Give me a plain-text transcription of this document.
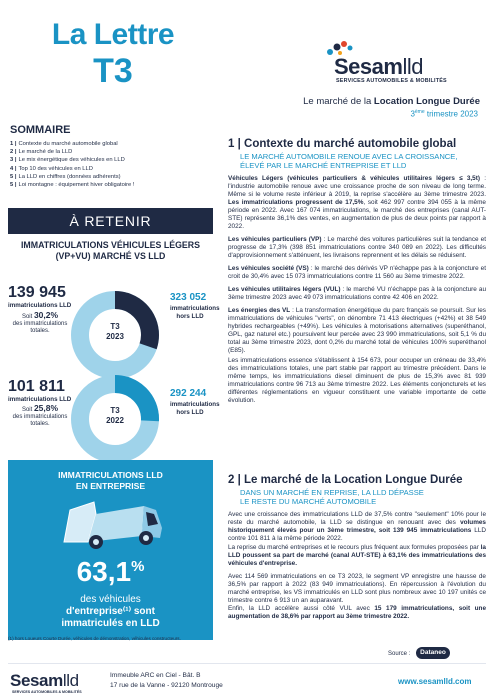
La Lettre
T3	Sesamlld
SERVICES AUTOMOBILES & MOBILITÉS
Le marché de la Location Longue Durée
3ème trimestre 2023
SOMMAIRE
1 | Contexte du marché automobile global
2 | Le marché de la LLD
3 | Le mix énergétique des véhicules en LLD
4 | Top 10 des véhicules en LLD
5 | La LLD en chiffres (données adhérents)
5 | Loi montagne : équipement hiver obligatoire !
À RETENIR
IMMATRICULATIONS VÉHICULES LÉGERS
(VP+VU) MARCHÉ VS LLD
139 945
immatriculations LLD
Soit 30,2%
des immatriculations
totales.	T3
2023
323 052
immatriculations
hors LLD
101 811
immatriculations LLD
Soit 25,8%
des immatriculations
totales.
T3
2022
292 244
immatriculations
hors LLD
IMMATRICULATIONS LLD
EN ENTREPRISE
63,1%
des véhicules
d'entreprise⁽¹⁾ sont
immatriculés en LLD
(1) hors Loueurs Courte Durée, véhicules de démonstration, véhicules constructeurs.
1 | Contexte du marché automobile global
LE MARCHÉ AUTOMOBILE RENOUE AVEC LA CROISSANCE,
ÉLEVÉ PAR LE MARCHÉ ENTREPRISE ET LLD
Véhicules Légers (véhicules particuliers & véhicules utilitaires légers ≤ 3,5t) : l'industrie automobile renoue avec une croissance proche de son niveau de long terme. Même si le volume reste inférieur à 2019, la reprise s'accélère au 3ème trimestre 2023. Les immatriculations progressent de 17,5%, soit 462 997 contre 394 055 à la même période en 2022. Avec 167 074 immatriculations, le marché des entreprises (canal AUT-STE) représente 36,1% des ventes, en augmentation de plus de deux points par rapport à 2022.
Les véhicules particuliers (VP) : Le marché des voitures particulières suit la tendance et progresse de 17,3% (398 851 immatriculations contre 340 089 en 2022). Les difficultés d'approvisionnement s'atténuent, les livraisons reprennent et les délais se réduisent.
Les véhicules société (VS) : le marché des dérivés VP n'échappe pas à la conjoncture et croit de 30,4% avec 15 073 immatriculations contre 11 560 au 3ème trimestre 2022.
Les véhicules utilitaires légers (VUL) : le marché VU n'échappe pas à la conjoncture au 3ème trimestre 2023 avec 49 073 immatriculations contre 42 406 en 2022.
Les énergies des VL : La transformation énergétique du parc français se poursuit. Sur les immatriculations de véhicules "verts", on dénombre 71 413 électriques (+42%) et 38 549 hybrides rechargeables (+49%). Les véhicules à motorisations alternatives (superéthanol, GPL, gaz naturel etc.) poursuivent leur percée avec 23 990 immatriculations, soit 5,1 % du total au 3ème trimestre 2023, dont 0,2% du marché total de véhicules 100% superéthanol (E85).
Les immatriculations essence s'établissent à 154 673, pour occuper un créneau de 33,4% des immatriculations totales, une part stable par rapport au trimestre précédent. Dans le même temps, les immatriculations diesel diminuent de plus de 15,3% avec 81 939 immatriculations contre 96 713 au 3ème trimestre 2022. Les éléments conjoncturels et les différentes réglementations en vigueur constituent une variable importante de cette évolution.
2 | Le marché de la Location Longue Durée
DANS UN MARCHÉ EN REPRISE, LA LLD DÉPASSE
LE RESTE DU MARCHÉ AUTOMOBILE
Avec une croissance des immatriculations LLD de 37,5% contre "seulement" 10% pour le reste du marché automobile, la LLD se distingue en renouant avec des volumes historiquement élevés pour un 3ème trimestre, soit 139 945 immatriculations LLD contre 101 811 à la même période 2022.
La reprise du marché entreprises et le recours plus fréquent aux formules proposées par la LLD poussent sa part de marché (canal AUT-STE) à 63,1% des immatriculations des véhicules d'entreprise.
Avec 114 569 immatriculations en ce T3 2023, le segment VP enregistre une hausse de 36,5% par rapport à 2022 (83 949 immatriculations). En répercussion à l'évolution du marché entreprise, les VS immatriculés en LLD sont plus nombreux avec 10 197 unités ce trimestre contre 6 913 un an auparavant.
Enfin, la LLD accélère aussi côté VUL avec 15 179 immatriculations, soit une augmentation de 38,6% par rapport au 3ème trimestre 2022.
Source :	Dataneo
Sesamlld
SERVICES AUTOMOBILES & MOBILITÉS
Immeuble ARC en Ciel - Bât. B
17 rue de la Vanne - 92120 Montrouge	www.sesamlld.com
